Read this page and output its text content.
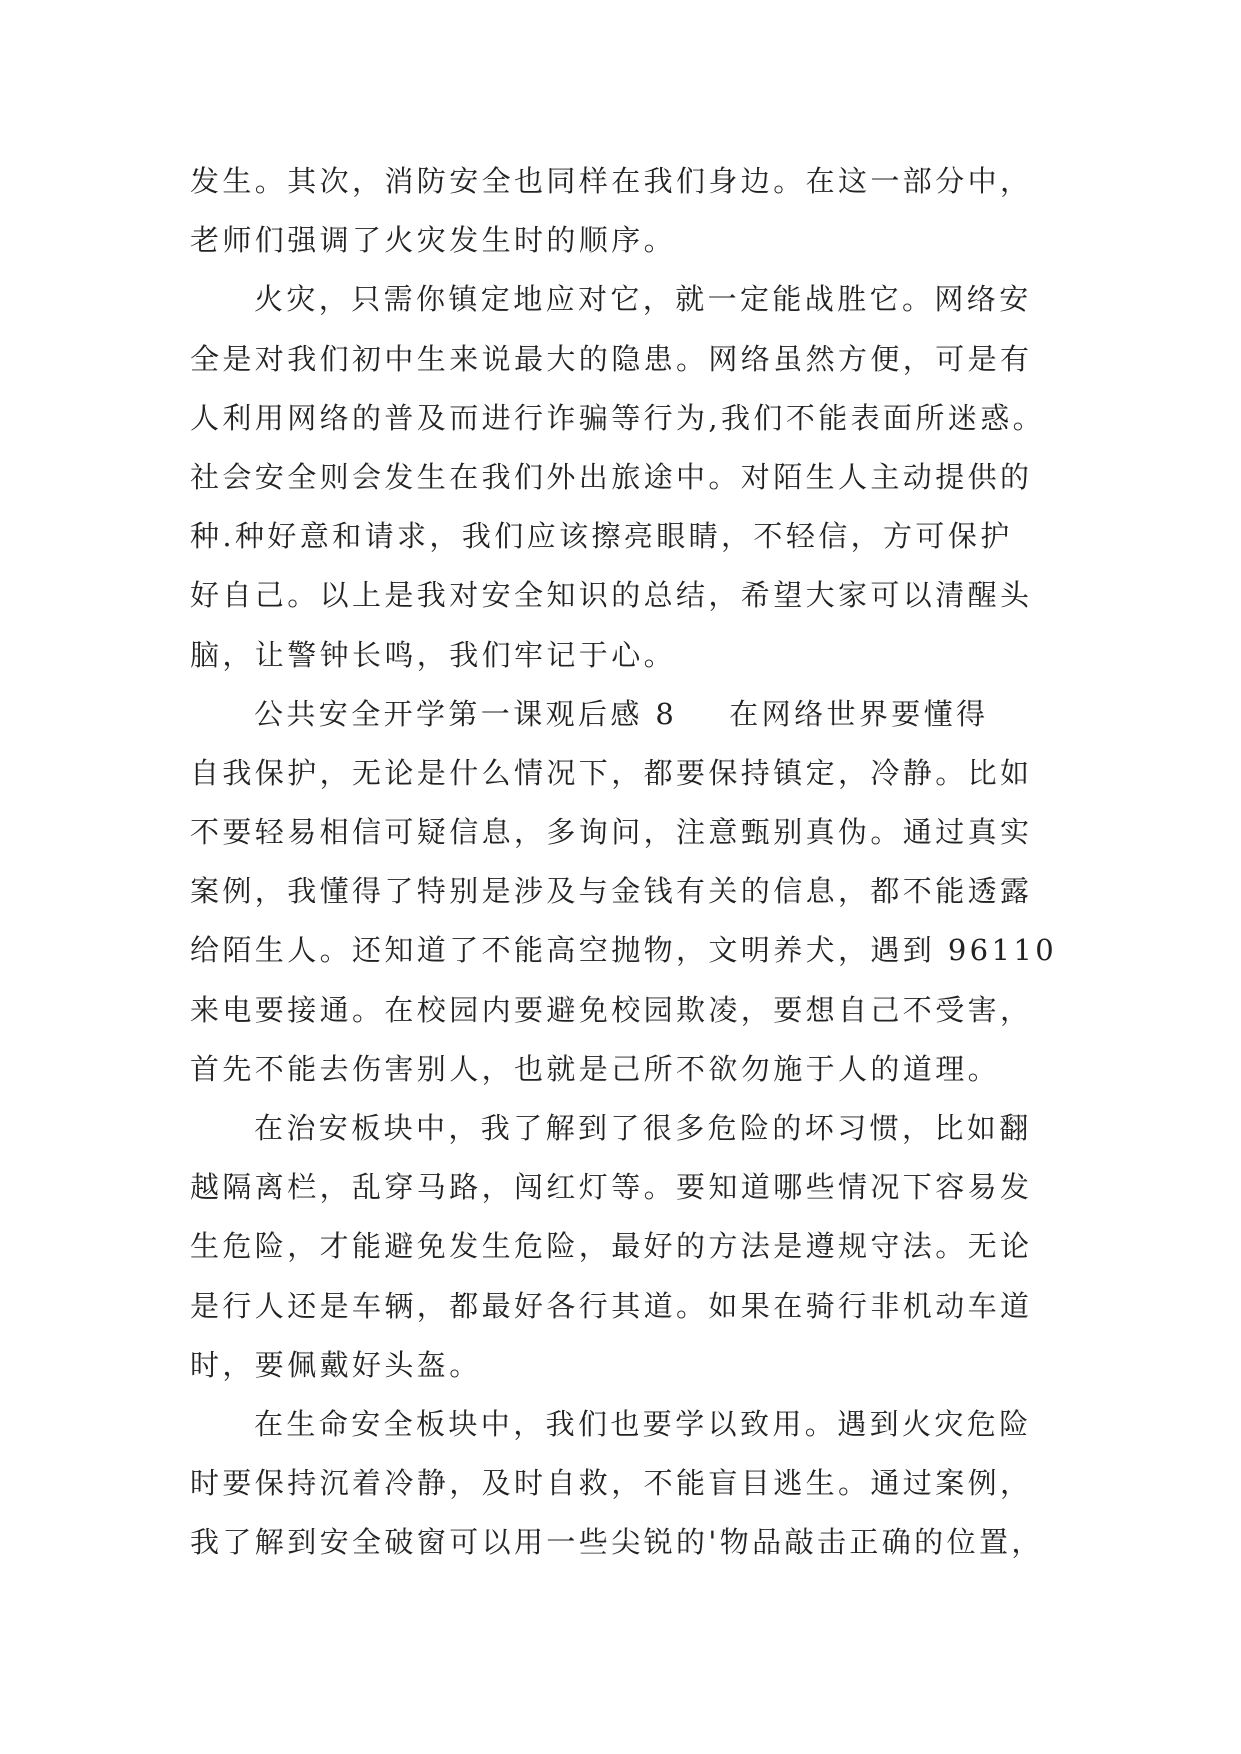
发生。其次，消防安全也同样在我们身边。在这一部分中，
老师们强调了火灾发生时的顺序。
火灾，只需你镇定地应对它，就一定能战胜它。网络安
全是对我们初中生来说最大的隐患。网络虽然方便，可是有
人利用网络的普及而进行诈骗等行为,我们不能表面所迷惑。
社会安全则会发生在我们外出旅途中。对陌生人主动提供的
种.种好意和请求，我们应该擦亮眼睛，不轻信，方可保护
好自己。以上是我对安全知识的总结，希望大家可以清醒头
脑，让警钟长鸣，我们牢记于心。
公共安全开学第一课观后感 8 在网络世界要懂得
自我保护，无论是什么情况下，都要保持镇定，冷静。比如
不要轻易相信可疑信息，多询问，注意甄别真伪。通过真实
案例，我懂得了特别是涉及与金钱有关的信息，都不能透露
给陌生人。还知道了不能高空抛物，文明养犬，遇到 96110
来电要接通。在校园内要避免校园欺凌，要想自己不受害，
首先不能去伤害别人，也就是己所不欲勿施于人的道理。
在治安板块中，我了解到了很多危险的坏习惯，比如翻
越隔离栏，乱穿马路，闯红灯等。要知道哪些情况下容易发
生危险，才能避免发生危险，最好的方法是遵规守法。无论
是行人还是车辆，都最好各行其道。如果在骑行非机动车道
时，要佩戴好头盔。
在生命安全板块中，我们也要学以致用。遇到火灾危险
时要保持沉着冷静，及时自救，不能盲目逃生。通过案例，
我了解到安全破窗可以用一些尖锐的'物品敲击正确的位置，
